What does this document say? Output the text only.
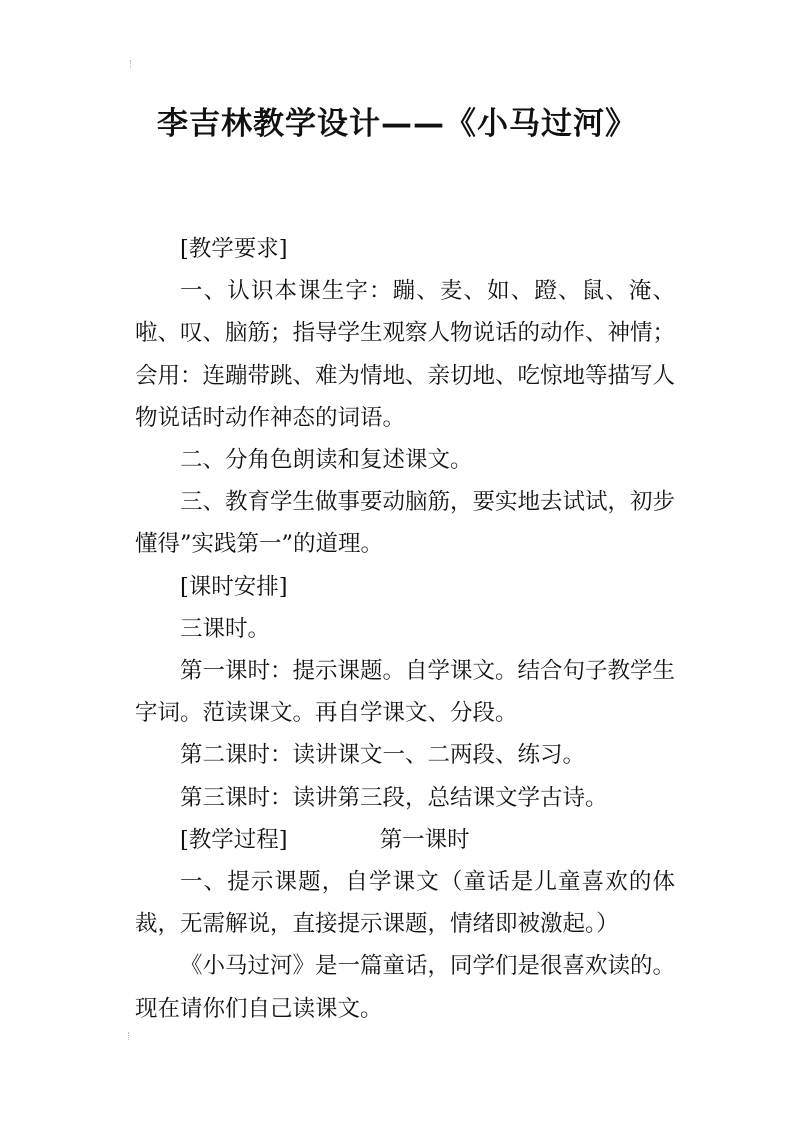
李吉林教学设计——《小马过河》

[教学要求]

一、认识本课生字：蹦、麦、如、蹬、鼠、淹、啦、叹、脑筋；指导学生观察人物说话的动作、神情；会用：连蹦带跳、难为情地、亲切地、吃惊地等描写人物说话时动作神态的词语。

二、分角色朗读和复述课文。

三、教育学生做事要动脑筋，要实地去试试，初步懂得”实践第一”的道理。

[课时安排]

三课时。

第一课时：提示课题。自学课文。结合句子教学生字词。范读课文。再自学课文、分段。

第二课时：读讲课文一、二两段、练习。

第三课时：读讲第三段，总结课文学古诗。

[教学过程]	第一课时

一、提示课题，自学课文（童话是儿童喜欢的体裁，无需解说，直接提示课题，情绪即被激起。）

《小马过河》是一篇童话，同学们是很喜欢读的。现在请你们自己读课文。
